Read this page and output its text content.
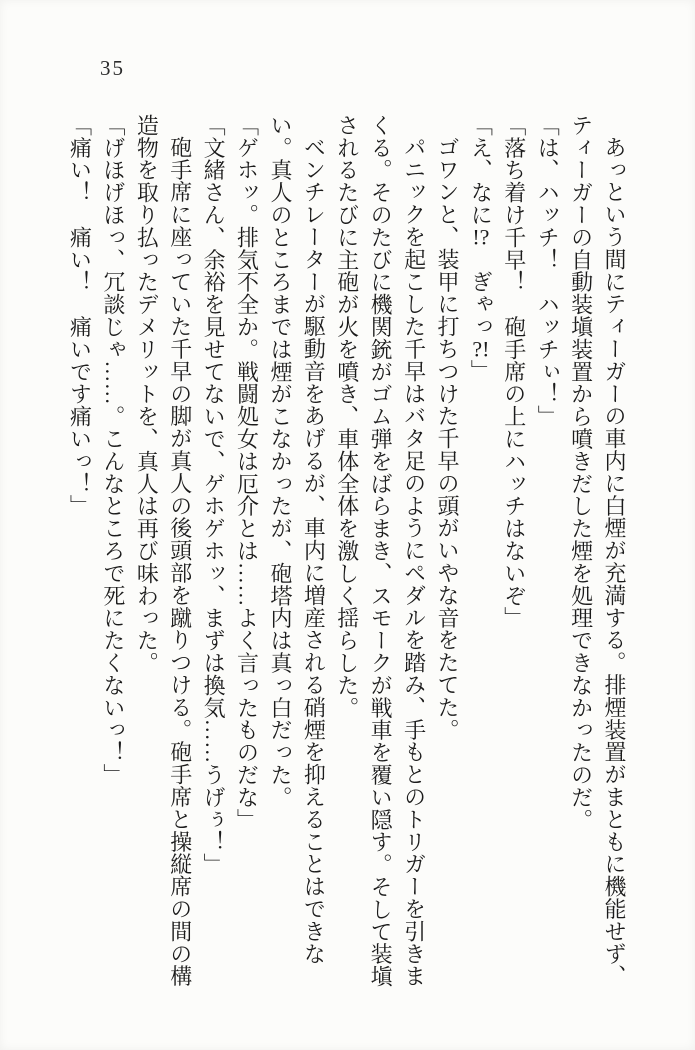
35

あっという間にティーガーの車内に白煙が充満する。排煙装置がまともに機能せず、ティーガーの自動装塡装置から噴きだした煙を処理できなかったのだ。

「は、ハッチ！　ハッチぃ！」

「落ち着け千早！　砲手席の上にハッチはないぞ」

「え、なに!?　ぎゃっ?!」

ゴワンと、装甲に打ちつけた千早の頭がいやな音をたてた。

パニックを起こした千早はバタ足のようにペダルを踏み、手もとのトリガーを引きまくる。そのたびに機関銃がゴム弾をばらまき、スモークが戦車を覆い隠す。そして装塡されるたびに主砲が火を噴き、車体全体を激しく揺らした。

ベンチレーターが駆動音をあげるが、車内に増産される硝煙を抑えることはできない。真人のところまでは煙がこなかったが、砲塔内は真っ白だった。

「ゲホッ。排気不全か。戦闘処女は厄介とは……よく言ったものだな」

「文緒さん、余裕を見せてないで、ゲホゲホッ、まずは換気……うげぅ！」

砲手席に座っていた千早の脚が真人の後頭部を蹴りつける。砲手席と操縦席の間の構造物を取り払ったデメリットを、真人は再び味わった。

「げほげほっ、冗談じゃ……。こんなところで死にたくないっ！」

「痛い！　痛い！　痛いです痛いっ！」
